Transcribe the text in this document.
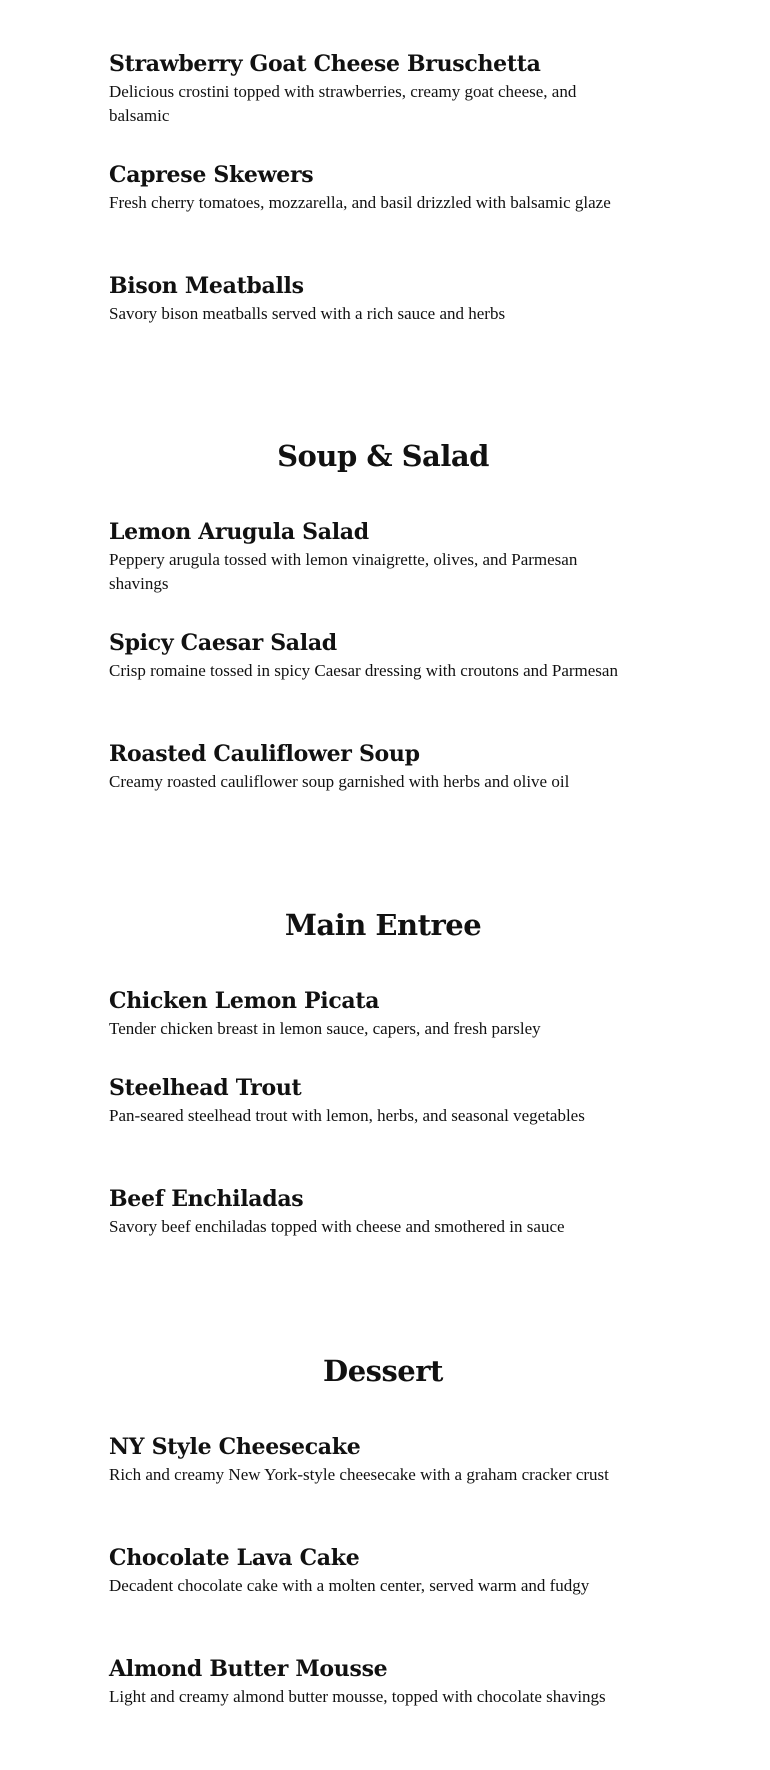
Strawberry Goat Cheese Bruschetta

Delicious crostini topped with strawberries, creamy goat cheese, and balsamic

Caprese Skewers

Fresh cherry tomatoes, mozzarella, and basil drizzled with balsamic glaze

Bison Meatballs

Savory bison meatballs served with a rich sauce and herbs

Soup & Salad

Lemon Arugula Salad

Peppery arugula tossed with lemon vinaigrette, olives, and Parmesan shavings

Spicy Caesar Salad

Crisp romaine tossed in spicy Caesar dressing with croutons and Parmesan

Roasted Cauliflower Soup

Creamy roasted cauliflower soup garnished with herbs and olive oil

Main Entree

Chicken Lemon Picata

Tender chicken breast in lemon sauce, capers, and fresh parsley

Steelhead Trout

Pan-seared steelhead trout with lemon, herbs, and seasonal vegetables

Beef Enchiladas

Savory beef enchiladas topped with cheese and smothered in sauce

Dessert

NY Style Cheesecake

Rich and creamy New York-style cheesecake with a graham cracker crust

Chocolate Lava Cake

Decadent chocolate cake with a molten center, served warm and fudgy

Almond Butter Mousse

Light and creamy almond butter mousse, topped with chocolate shavings
